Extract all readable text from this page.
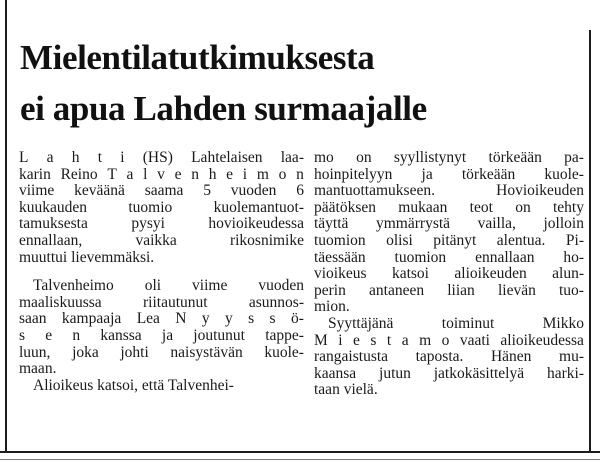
Mielentilatutkimuksesta
ei apua Lahden surmaajalle
L a h t i (HS) Lahtelaisen laa-
karin Reino T a l v e n h e i m o n
viime keväänä saama 5 vuoden 6
kuukauden	tuomio	kuolemantuot-
tamuksesta	pysyi	hovioikeudessa
ennallaan,	vaikka	rikosnimike
muuttui lievemmäksi.
Talvenheimo oli viime vuoden
maaliskuussa	riitautunut	asunnos-
saan kampaaja Lea N y y s s ö-
s e n kanssa ja joutunut tappe-
luun, joka johti naisystävän kuole-
maan.
Alioikeus katsoi, että Talvenhei-
mo on syyllistynyt törkeään pa-
hoinpitelyyn ja törkeään kuole-
mantuottamukseen.	Hovioikeuden
päätöksen mukaan teot on tehty
täyttä ymmärrystä vailla, jolloin
tuomion olisi pitänyt alentua. Pi-
täessään tuomion ennallaan ho-
vioikeus katsoi alioikeuden alun-
perin antaneen liian lievän tuo-
mion.
Syyttäjänä	toiminut	Mikko
M i e s t a m o vaati alioikeudessa
rangaistusta taposta. Hänen mu-
kaansa jutun jatkokäsittelyä harki-
taan vielä.
